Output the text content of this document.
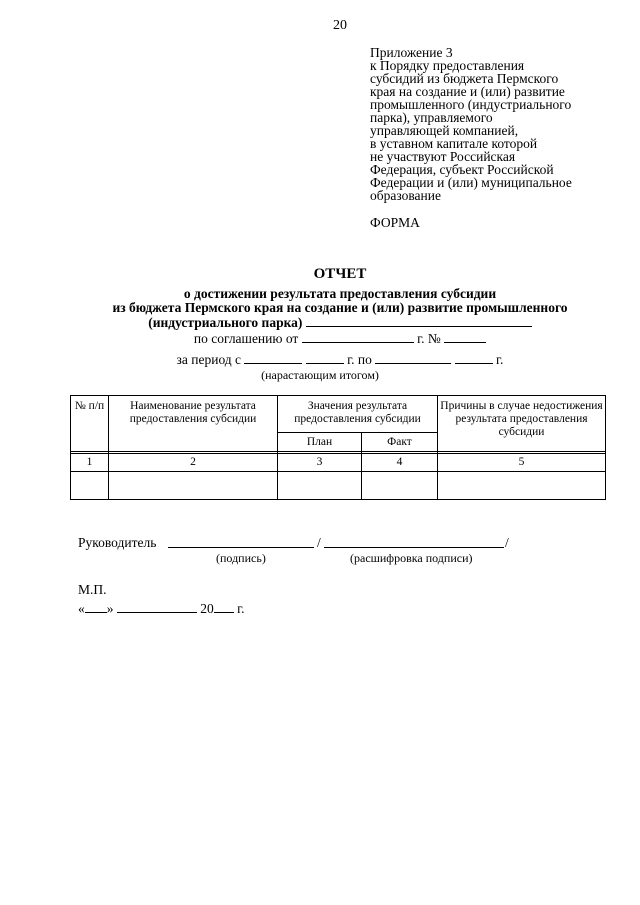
20
Приложение 3
к Порядку предоставления
субсидий из бюджета Пермского
края на создание и (или) развитие
промышленного (индустриального
парка), управляемого
управляющей компанией,
в уставном капитале которой
не участвуют Российская
Федерация, субъект Российской
Федерации и (или) муниципальное
образование
ФОРМА
ОТЧЕТ
о достижении результата предоставления субсидии
из бюджета Пермского края на создание и (или) развитие промышленного
(индустриального парка)
по соглашению от	г. №
за период с	г. по	г.
(нарастающим итогом)
№ п/п	Наименование результата предоставления субсидии	Значения результата предоставления субсидии		Причины в случае недостижения результата предоставления субсидии
		План	Факт	

1	2	3	4	5

Руководитель	/	/
(подпись)	(расшифровка подписи)
М.П.
« »	20 г.
